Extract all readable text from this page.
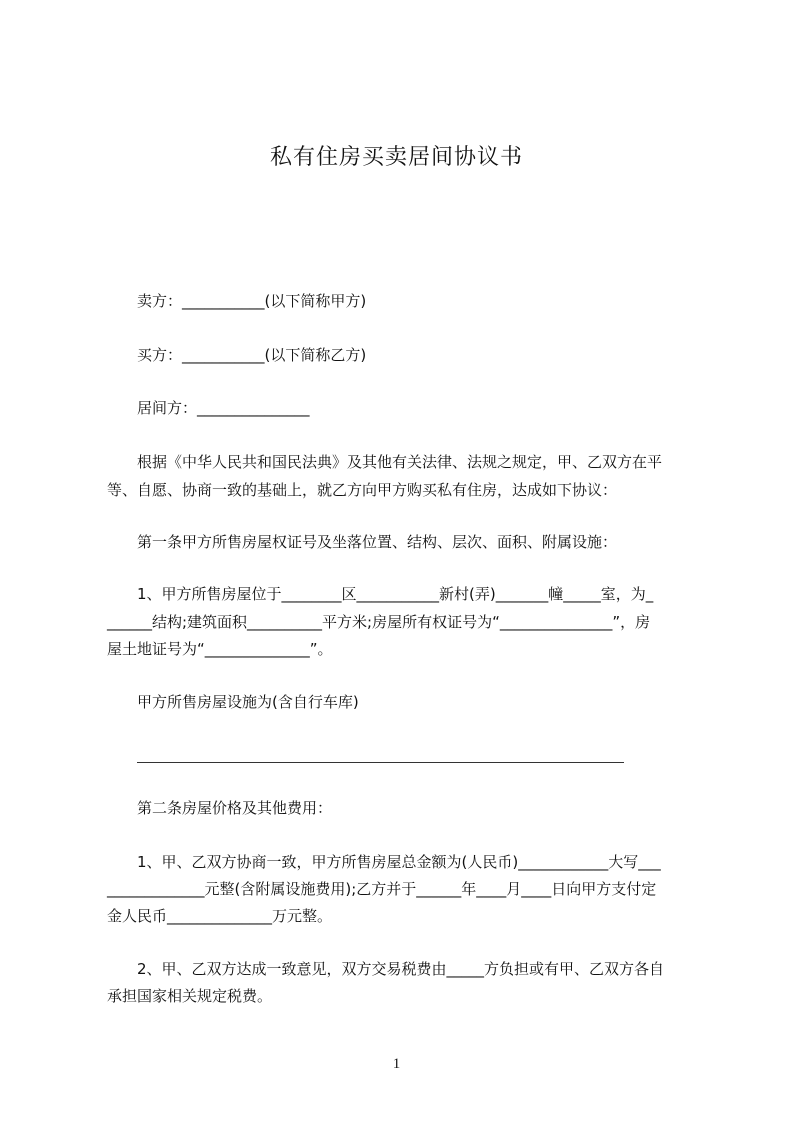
私有住房买卖居间协议书
卖方：___________(以下简称甲方)
买方：___________(以下简称乙方)
居间方：_______________
根据《中华人民共和国民法典》及其他有关法律、法规之规定，甲、乙双方在平
等、自愿、协商一致的基础上，就乙方向甲方购买私有住房，达成如下协议：
第一条甲方所售房屋权证号及坐落位置、结构、层次、面积、附属设施：
1、甲方所售房屋位于________区___________新村(弄)_______幢_____室，为_
______结构;建筑面积__________平方米;房屋所有权证号为“_______________”，房
屋土地证号为“______________”。
甲方所售房屋设施为(含自行车库)
第二条房屋价格及其他费用：
1、甲、乙双方协商一致，甲方所售房屋总金额为(人民币)____________大写___
_____________元整(含附属设施费用);乙方并于______年____月____日向甲方支付定
金人民币______________万元整。
2、甲、乙双方达成一致意见，双方交易税费由_____方负担或有甲、乙双方各自
承担国家相关规定税费。
1
